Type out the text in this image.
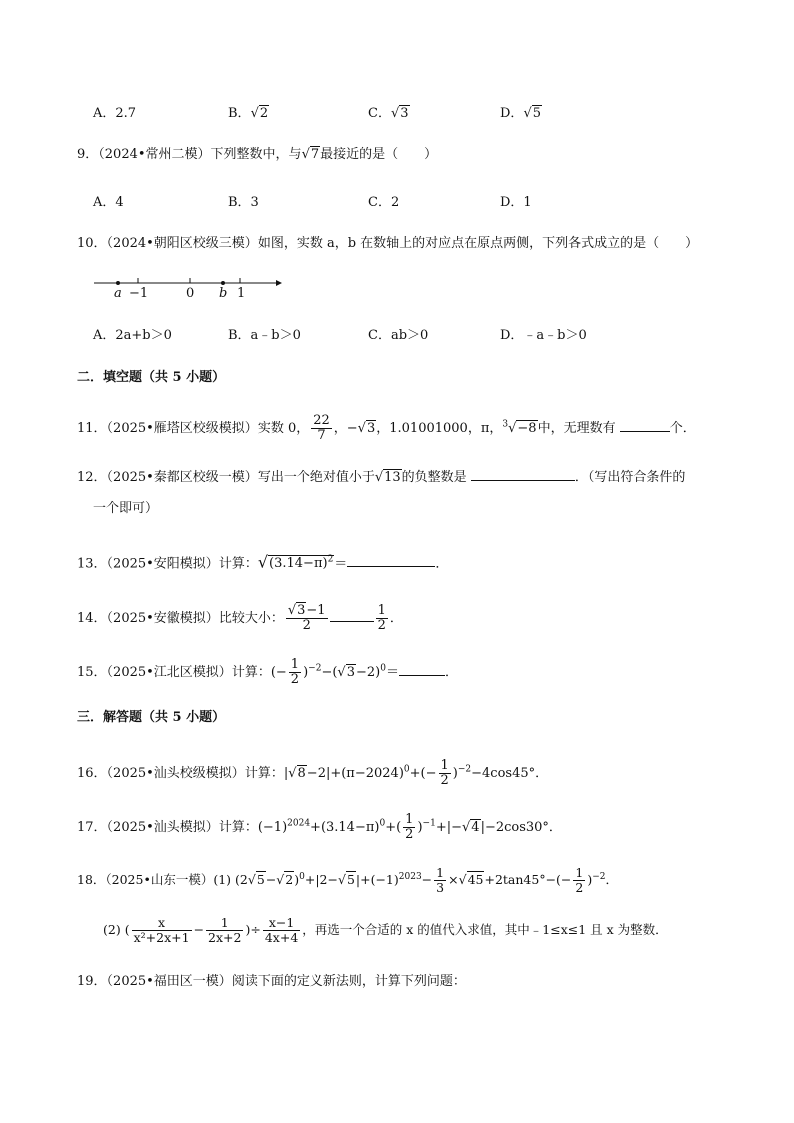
A．2.7	B．√2	C．√3	D．√5
9．（2024•常州二模）下列整数中，与√7最接近的是（　　）
A．4	B．3	C．2	D．1
10．（2024•朝阳区校级三模）如图，实数 a，b 在数轴上的对应点在原点两侧，下列各式成立的是（　　）
a −1	0 b 1
A．2a+b＞0	B．a﹣b＞0	C．ab＞0	D．﹣a﹣b＞0
二．填空题（共 5 小题）
11．（2025•雁塔区校级模拟）实数 0， $\frac{22}{7}$ ，−√3，1.01001000，π，$^3$√−8中，无理数有	个．
12．（2025•秦都区校级一模）写出一个绝对值小于√13的负整数是	．（写出符合条件的
一个即可）
13．（2025•安阳模拟）计算：$√(3.14-\pi)^2=$	．
14．（2025•安徽模拟）比较大小： $\frac{√3-1}{2}$	$\frac{1}{2}$ ．
15．（2025•江北区模拟）计算：(− $\frac{1}{2} )^{-2}-(√3-2)^0=$	．
三．解答题（共 5 小题）
16．（2025•汕头校级模拟）计算：$|√8-2|+(\pi-2024)^0+(- \frac{1}{2} )^{-2}-4\cos 45^\circ$．
17．（2025•汕头模拟）计算：$(-1)^{2024}+(3.14-\pi)^0+( \frac{1}{2} )^{-1}+|-√4|-2\cos 30^\circ$．
18．（2025•山东一模）(1) $(2√5-√2)^0+|2-√5|+(-1)^{2023}- \frac{1}{3} \times√45+2\tan 45^\circ-(- \frac{1}{2} )^{-2}$．
(2) ( $\frac{x}{\text{x²+2x+1}} - \frac{1}{2x+2}$ )÷ $\frac{x-1}{4x+4}$ ，再选一个合适的 x 的值代入求值，其中﹣1≤x≤1 且 x 为整数．
19．（2025•福田区一模）阅读下面的定义新法则，计算下列问题：
